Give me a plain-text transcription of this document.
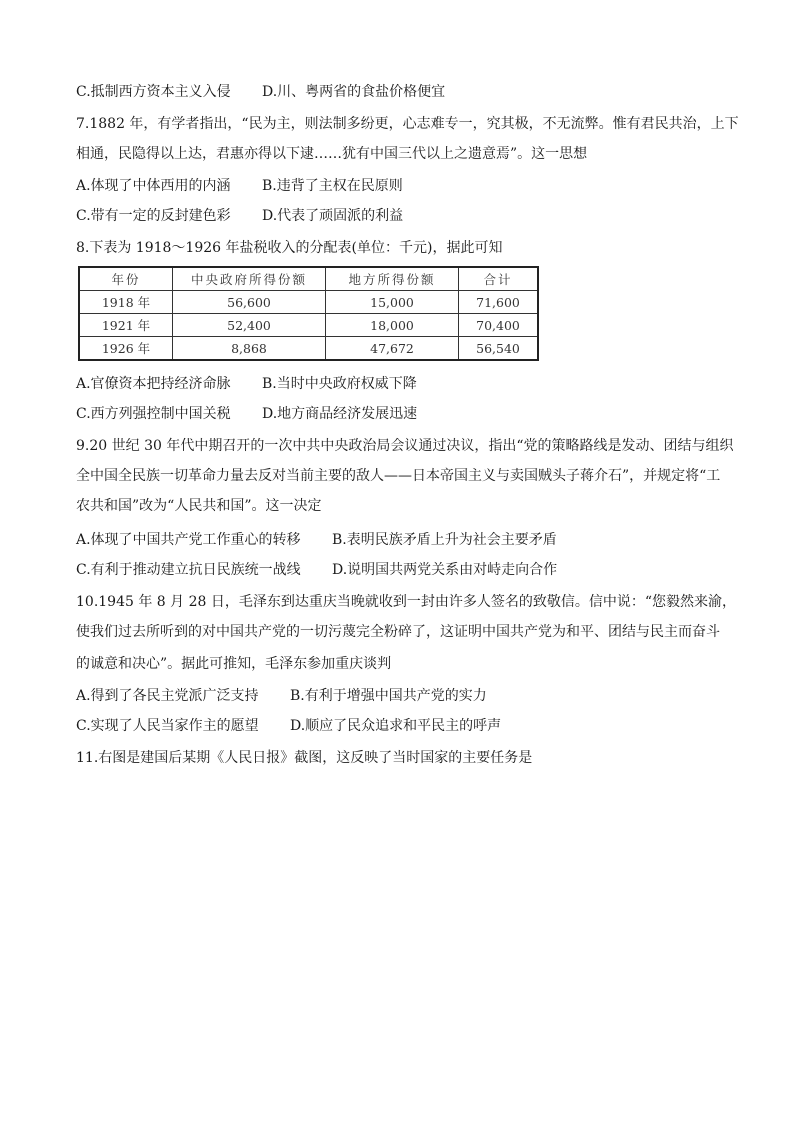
C.抵制西方资本主义入侵 D.川、粤两省的食盐价格便宜
7.1882 年，有学者指出，“民为主，则法制多纷更，心志难专一，究其极，不无流弊。惟有君民共治，上下
相通，民隐得以上达，君惠亦得以下逮……犹有中国三代以上之遗意焉”。这一思想
A.体现了中体西用的内涵 B.违背了主权在民原则
C.带有一定的反封建色彩 D.代表了顽固派的利益
8.下表为 1918～1926 年盐税收入的分配表(单位：千元)，据此可知
年份	中央政府所得份额	地方所得份额	合计
1918 年	56,600	15,000	71,600
1921 年	52,400	18,000	70,400
1926 年	8,868	47,672	56,540
A.官僚资本把持经济命脉 B.当时中央政府权威下降
C.西方列强控制中国关税 D.地方商品经济发展迅速
9.20 世纪 30 年代中期召开的一次中共中央政治局会议通过决议，指出“党的策略路线是发动、团结与组织
全中国全民族一切革命力量去反对当前主要的敌人——日本帝国主义与卖国贼头子蒋介石”，并规定将“工
农共和国”改为“人民共和国”。这一决定
A.体现了中国共产党工作重心的转移 B.表明民族矛盾上升为社会主要矛盾
C.有利于推动建立抗日民族统一战线 D.说明国共两党关系由对峙走向合作
10.1945 年 8 月 28 日，毛泽东到达重庆当晚就收到一封由许多人签名的致敬信。信中说：“您毅然来渝，
使我们过去所听到的对中国共产党的一切污蔑完全粉碎了，这证明中国共产党为和平、团结与民主而奋斗
的诚意和决心”。据此可推知，毛泽东参加重庆谈判
A.得到了各民主党派广泛支持 B.有利于增强中国共产党的实力
C.实现了人民当家作主的愿望 D.顺应了民众追求和平民主的呼声
11.右图是建国后某期《人民日报》截图，这反映了当时国家的主要任务是
